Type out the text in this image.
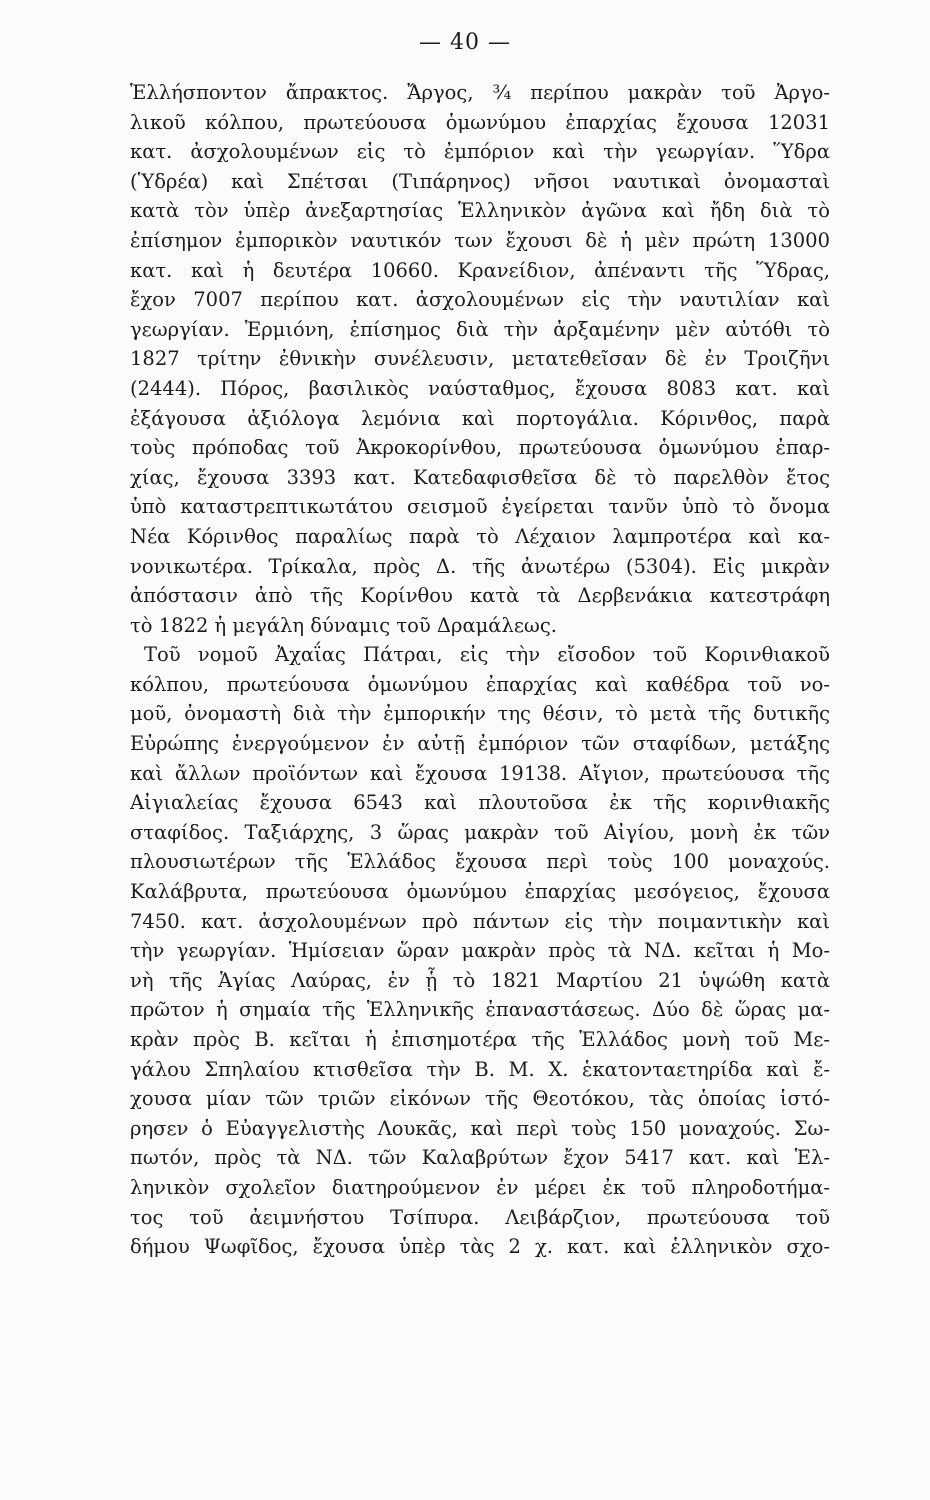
— 40 —
Ἑλλήσποντον ἄπρακτος. Ἄργος, ¾ περίπου μακρὰν τοῦ Ἀργο-
λικοῦ κόλπου, πρωτεύουσα ὁμωνύμου ἐπαρχίας ἔχουσα 12031
κατ. ἀσχολουμένων εἰς τὸ ἐμπόριον καὶ τὴν γεωργίαν. Ὕδρα
(Ὑδρέα) καὶ Σπέτσαι (Τιπάρηνος) νῆσοι ναυτικαὶ ὀνομασταὶ
κατὰ τὸν ὑπὲρ ἀνεξαρτησίας Ἑλληνικὸν ἀγῶνα καὶ ἤδη διὰ τὸ
ἐπίσημον ἐμπορικὸν ναυτικόν των ἔχουσι δὲ ἡ μὲν πρώτη 13000
κατ. καὶ ἡ δευτέρα 10660. Κρανείδιον, ἀπέναντι τῆς Ὕδρας,
ἔχον 7007 περίπου κατ. ἀσχολουμένων εἰς τὴν ναυτιλίαν καὶ
γεωργίαν. Ἑρμιόνη, ἐπίσημος διὰ τὴν ἀρξαμένην μὲν αὐτόθι τὸ
1827 τρίτην ἐθνικὴν συνέλευσιν, μετατεθεῖσαν δὲ ἐν Τροιζῆνι
(2444). Πόρος, βασιλικὸς ναύσταθμος, ἔχουσα 8083 κατ. καὶ
ἐξάγουσα ἀξιόλογα λεμόνια καὶ πορτογάλια. Κόρινθος, παρὰ
τοὺς πρόποδας τοῦ Ἀκροκορίνθου, πρωτεύουσα ὁμωνύμου ἐπαρ-
χίας, ἔχουσα 3393 κατ. Κατεδαφισθεῖσα δὲ τὸ παρελθὸν ἔτος
ὑπὸ καταστρεπτικωτάτου σεισμοῦ ἐγείρεται τανῦν ὑπὸ τὸ ὄνομα
Νέα Κόρινθος παραλίως παρὰ τὸ Λέχαιον λαμπροτέρα καὶ κα-
νονικωτέρα. Τρίκαλα, πρὸς Δ. τῆς ἀνωτέρω (5304). Εἰς μικρὰν
ἀπόστασιν ἀπὸ τῆς Κορίνθου κατὰ τὰ Δερβενάκια κατεστράφη
τὸ 1822 ἡ μεγάλη δύναμις τοῦ Δραμάλεως.
Τοῦ νομοῦ Ἀχαΐας Πάτραι, εἰς τὴν εἴσοδον τοῦ Κορινθιακοῦ
κόλπου, πρωτεύουσα ὁμωνύμου ἐπαρχίας καὶ καθέδρα τοῦ νο-
μοῦ, ὀνομαστὴ διὰ τὴν ἐμπορικήν της θέσιν, τὸ μετὰ τῆς δυτικῆς
Εὐρώπης ἐνεργούμενον ἐν αὐτῇ ἐμπόριον τῶν σταφίδων, μετάξης
καὶ ἄλλων προϊόντων καὶ ἔχουσα 19138. Αἴγιον, πρωτεύουσα τῆς
Αἰγιαλείας ἔχουσα 6543 καὶ πλουτοῦσα ἐκ τῆς κορινθιακῆς
σταφίδος. Ταξιάρχης, 3 ὥρας μακρὰν τοῦ Αἰγίου, μονὴ ἐκ τῶν
πλουσιωτέρων τῆς Ἑλλάδος ἔχουσα περὶ τοὺς 100 μοναχούς.
Καλάβρυτα, πρωτεύουσα ὁμωνύμου ἐπαρχίας μεσόγειος, ἔχουσα
7450. κατ. ἀσχολουμένων πρὸ πάντων εἰς τὴν ποιμαντικὴν καὶ
τὴν γεωργίαν. Ἡμίσειαν ὥραν μακρὰν πρὸς τὰ ΝΔ. κεῖται ἡ Μο-
νὴ τῆς Ἁγίας Λαύρας, ἐν ᾗ τὸ 1821 Μαρτίου 21 ὑψώθη κατὰ
πρῶτον ἡ σημαία τῆς Ἑλληνικῆς ἐπαναστάσεως. Δύο δὲ ὥρας μα-
κρὰν πρὸς Β. κεῖται ἡ ἐπισημοτέρα τῆς Ἑλλάδος μονὴ τοῦ Με-
γάλου Σπηλαίου κτισθεῖσα τὴν Β. Μ. Χ. ἑκατονταετηρίδα καὶ ἔ-
χουσα μίαν τῶν τριῶν εἰκόνων τῆς Θεοτόκου, τὰς ὁποίας ἱστό-
ρησεν ὁ Εὐαγγελιστὴς Λουκᾶς, καὶ περὶ τοὺς 150 μοναχούς. Σω-
πωτόν, πρὸς τὰ ΝΔ. τῶν Καλαβρύτων ἔχον 5417 κατ. καὶ Ἑλ-
ληνικὸν σχολεῖον διατηρούμενον ἐν μέρει ἐκ τοῦ πληροδοτήμα-
τος τοῦ ἀειμνήστου Τσίπυρα. Λειβάρζιον, πρωτεύουσα τοῦ
δήμου Ψωφῖδος, ἔχουσα ὑπὲρ τὰς 2 χ. κατ. καὶ ἑλληνικὸν σχο-
